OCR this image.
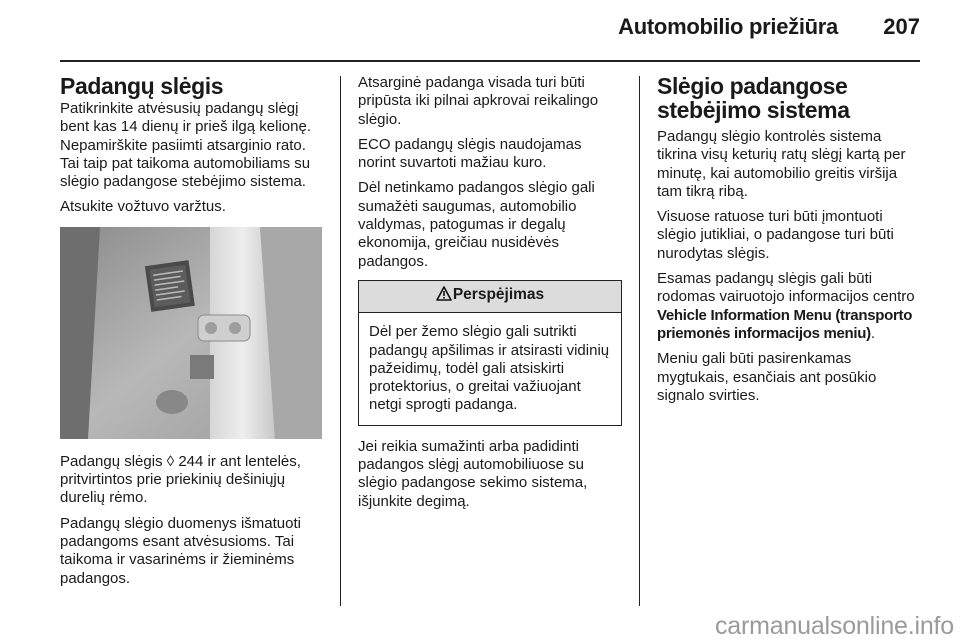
Automobilio priežiūra	207
Padangų slėgis

Patikrinkite atvėsusių padangų slėgį bent kas 14 dienų ir prieš ilgą kelionę. Nepamirškite pasiimti atsarginio rato. Tai taip pat taikoma automobiliams su slėgio padangose stebėjimo sistema.

Atsukite vožtuvo varžtus.

Padangų slėgis ◊ 244 ir ant lentelės, pritvirtintos prie priekinių dešiniųjų durelių rėmo.

Padangų slėgio duomenys išmatuoti padangoms esant atvėsusioms. Tai taikoma ir vasarinėms ir žieminėms padangos.

Atsarginė padanga visada turi būti pripūsta iki pilnai apkrovai reikalingo slėgio.

ECO padangų slėgis naudojamas norint suvartoti mažiau kuro.

Dėl netinkamo padangos slėgio gali sumažėti saugumas, automobilio valdymas, patogumas ir degalų ekonomija, greičiau nusidėvės padangos.

Perspėjimas
Dėl per žemo slėgio gali sutrikti padangų apšilimas ir atsirasti vidinių pažeidimų, todėl gali atsiskirti protektorius, o greitai važiuojant netgi sprogti padanga.

Jei reikia sumažinti arba padidinti padangos slėgį automobiliuose su slėgio padangose sekimo sistema, išjunkite degimą.

Slėgio padangose stebėjimo sistema

Padangų slėgio kontrolės sistema tikrina visų keturių ratų slėgį kartą per minutę, kai automobilio greitis viršija tam tikrą ribą.

Visuose ratuose turi būti įmontuoti slėgio jutikliai, o padangose turi būti nurodytas slėgis.

Esamas padangų slėgis gali būti rodomas vairuotojo informacijos centro Vehicle Information Menu (transporto priemonės informacijos meniu).

Meniu gali būti pasirenkamas mygtukais, esančiais ant posūkio signalo svirties.

carmanualsonline.info
